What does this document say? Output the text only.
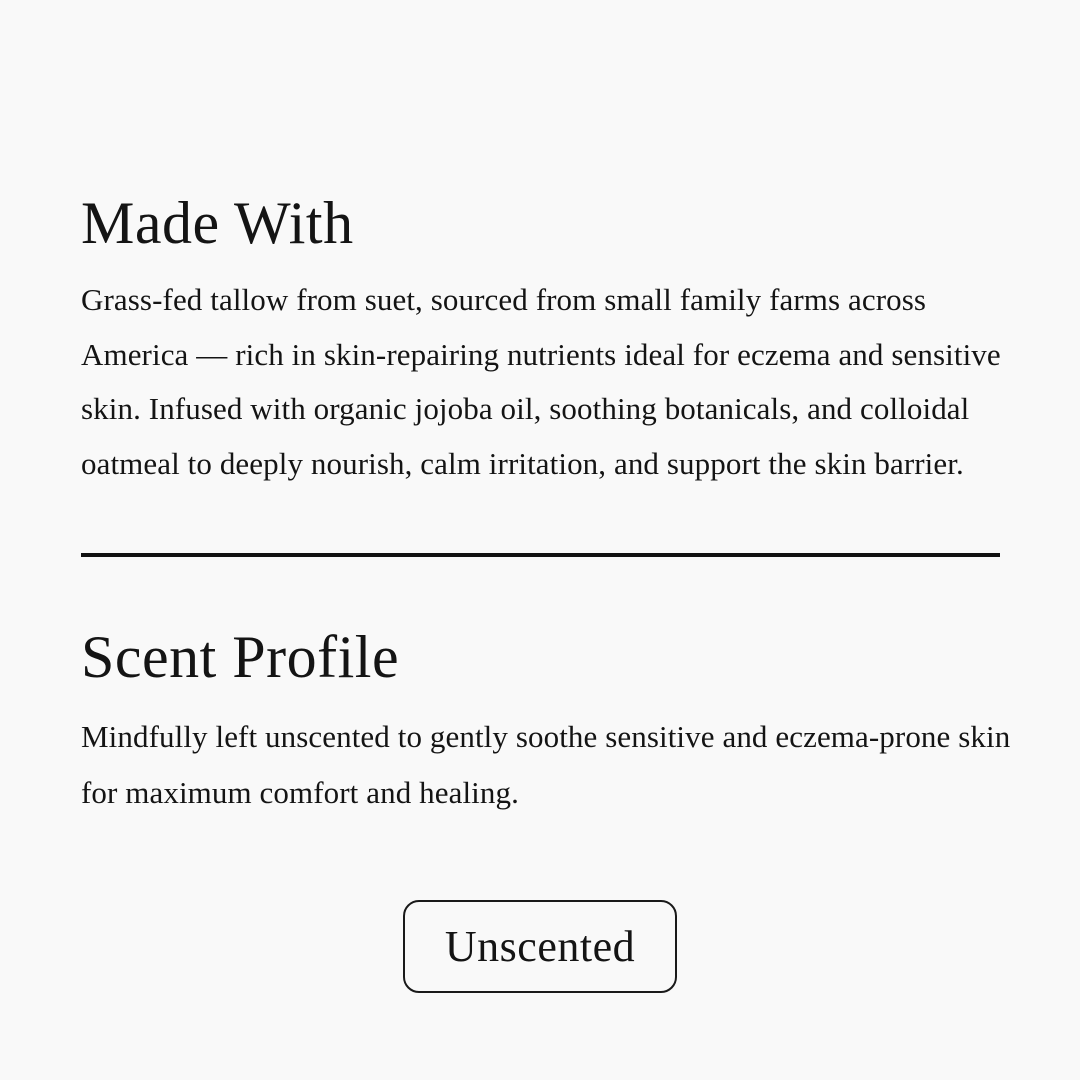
Made With

Grass-fed tallow from suet, sourced from small family farms across America — rich in skin-repairing nutrients ideal for eczema and sensitive skin. Infused with organic jojoba oil, soothing botanicals, and colloidal oatmeal to deeply nourish, calm irritation, and support the skin barrier.

Scent Profile

Mindfully left unscented to gently soothe sensitive and eczema-prone skin for maximum comfort and healing.

Unscented
